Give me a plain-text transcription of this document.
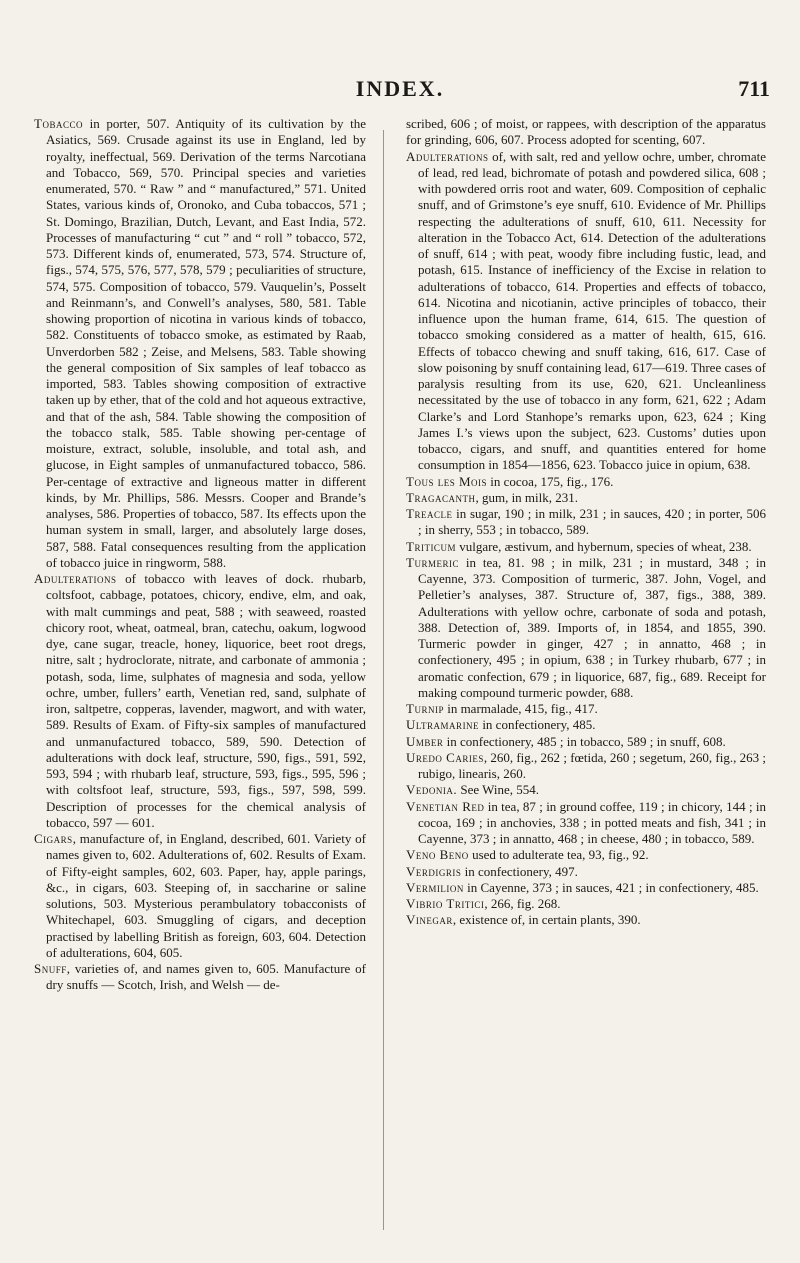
INDEX.	711

Tobacco in porter, 507. Antiquity of its cultivation by the Asiatics, 569. Crusade against its use in England, led by royalty, ineffectual, 569. Derivation of the terms Narcotiana and Tobacco, 569, 570. Principal species and varieties enumerated, 570. “ Raw ” and “ manufactured,” 571. United States, various kinds of, Oronoko, and Cuba tobaccos, 571 ; St. Domingo, Brazilian, Dutch, Levant, and East India, 572. Processes of manufacturing “ cut ” and “ roll ” tobacco, 572, 573. Different kinds of, enumerated, 573, 574. Structure of, figs., 574, 575, 576, 577, 578, 579 ; peculiarities of structure, 574, 575. Composition of tobacco, 579. Vauquelin’s, Posselt and Reinmann’s, and Conwell’s analyses, 580, 581. Table showing proportion of nicotina in various kinds of tobacco, 582. Constituents of tobacco smoke, as estimated by Raab, Unverdorben 582 ; Zeise, and Melsens, 583. Table showing the general composition of Six samples of leaf tobacco as imported, 583. Tables showing composition of extractive taken up by ether, that of the cold and hot aqueous extractive, and that of the ash, 584. Table showing the composition of the tobacco stalk, 585. Table showing per-centage of moisture, extract, soluble, insoluble, and total ash, and glucose, in Eight samples of unmanufactured tobacco, 586. Per-centage of extractive and ligneous matter in different kinds, by Mr. Phillips, 586. Messrs. Cooper and Brande’s analyses, 586. Properties of tobacco, 587. Its effects upon the human system in small, larger, and absolutely large doses, 587, 588. Fatal consequences resulting from the application of tobacco juice in ringworm, 588.

Adulterations of tobacco with leaves of dock. rhubarb, coltsfoot, cabbage, potatoes, chicory, endive, elm, and oak, with malt cummings and peat, 588 ; with seaweed, roasted chicory root, wheat, oatmeal, bran, catechu, oakum, logwood dye, cane sugar, treacle, honey, liquorice, beet root dregs, nitre, salt ; hydroclorate, nitrate, and carbonate of ammonia ; potash, soda, lime, sulphates of magnesia and soda, yellow ochre, umber, fullers’ earth, Venetian red, sand, sulphate of iron, saltpetre, copperas, lavender, magwort, and with water, 589. Results of Exam. of Fifty-six samples of manufactured and unmanufactured tobacco, 589, 590. Detection of adulterations with dock leaf, structure, 590, figs., 591, 592, 593, 594 ; with rhubarb leaf, structure, 593, figs., 595, 596 ; with coltsfoot leaf, structure, 593, figs., 597, 598, 599. Description of processes for the chemical analysis of tobacco, 597 — 601.

Cigars, manufacture of, in England, described, 601. Variety of names given to, 602. Adulterations of, 602. Results of Exam. of Fifty-eight samples, 602, 603. Paper, hay, apple parings, &c., in cigars, 603. Steeping of, in saccharine or saline solutions, 503. Mysterious perambulatory tobacconists of Whitechapel, 603. Smuggling of cigars, and deception practised by labelling British as foreign, 603, 604. Detection of adulterations, 604, 605.

Snuff, varieties of, and names given to, 605. Manufacture of dry snuffs — Scotch, Irish, and Welsh — de-

scribed, 606 ; of moist, or rappees, with description of the apparatus for grinding, 606, 607. Process adopted for scenting, 607.

Adulterations of, with salt, red and yellow ochre, umber, chromate of lead, red lead, bichromate of potash and powdered silica, 608 ; with powdered orris root and water, 609. Composition of cephalic snuff, and of Grimstone’s eye snuff, 610. Evidence of Mr. Phillips respecting the adulterations of snuff, 610, 611. Necessity for alteration in the Tobacco Act, 614. Detection of the adulterations of snuff, 614 ; with peat, woody fibre including fustic, lead, and potash, 615. Instance of inefficiency of the Excise in relation to adulterations of tobacco, 614. Properties and effects of tobacco, 614. Nicotina and nicotianin, active principles of tobacco, their influence upon the human frame, 614, 615. The question of tobacco smoking considered as a matter of health, 615, 616. Effects of tobacco chewing and snuff taking, 616, 617. Case of slow poisoning by snuff containing lead, 617—619. Three cases of paralysis resulting from its use, 620, 621. Uncleanliness necessitated by the use of tobacco in any form, 621, 622 ; Adam Clarke’s and Lord Stanhope’s remarks upon, 623, 624 ; King James I.’s views upon the subject, 623. Customs’ duties upon tobacco, cigars, and snuff, and quantities entered for home consumption in 1854—1856, 623. Tobacco juice in opium, 638.

Tous les Mois in cocoa, 175, fig., 176.

Tragacanth, gum, in milk, 231.

Treacle in sugar, 190 ; in milk, 231 ; in sauces, 420 ; in porter, 506 ; in sherry, 553 ; in tobacco, 589.

Triticum vulgare, æstivum, and hybernum, species of wheat, 238.

Turmeric in tea, 81. 98 ; in milk, 231 ; in mustard, 348 ; in Cayenne, 373. Composition of turmeric, 387. John, Vogel, and Pelletier’s analyses, 387. Structure of, 387, figs., 388, 389. Adulterations with yellow ochre, carbonate of soda and potash, 388. Detection of, 389. Imports of, in 1854, and 1855, 390. Turmeric powder in ginger, 427 ; in annatto, 468 ; in confectionery, 495 ; in opium, 638 ; in Turkey rhubarb, 677 ; in aromatic confection, 679 ; in liquorice, 687, fig., 689. Receipt for making compound turmeric powder, 688.

Turnip in marmalade, 415, fig., 417.

Ultramarine in confectionery, 485.

Umber in confectionery, 485 ; in tobacco, 589 ; in snuff, 608.

Uredo Caries, 260, fig., 262 ; fœtida, 260 ; segetum, 260, fig., 263 ; rubigo, linearis, 260.

Vedonia. See Wine, 554.

Venetian Red in tea, 87 ; in ground coffee, 119 ; in chicory, 144 ; in cocoa, 169 ; in anchovies, 338 ; in potted meats and fish, 341 ; in Cayenne, 373 ; in annatto, 468 ; in cheese, 480 ; in tobacco, 589.

Veno Beno used to adulterate tea, 93, fig., 92.

Verdigris in confectionery, 497.

Vermilion in Cayenne, 373 ; in sauces, 421 ; in confectionery, 485.

Vibrio Tritici, 266, fig. 268.

Vinegar, existence of, in certain plants, 390.
